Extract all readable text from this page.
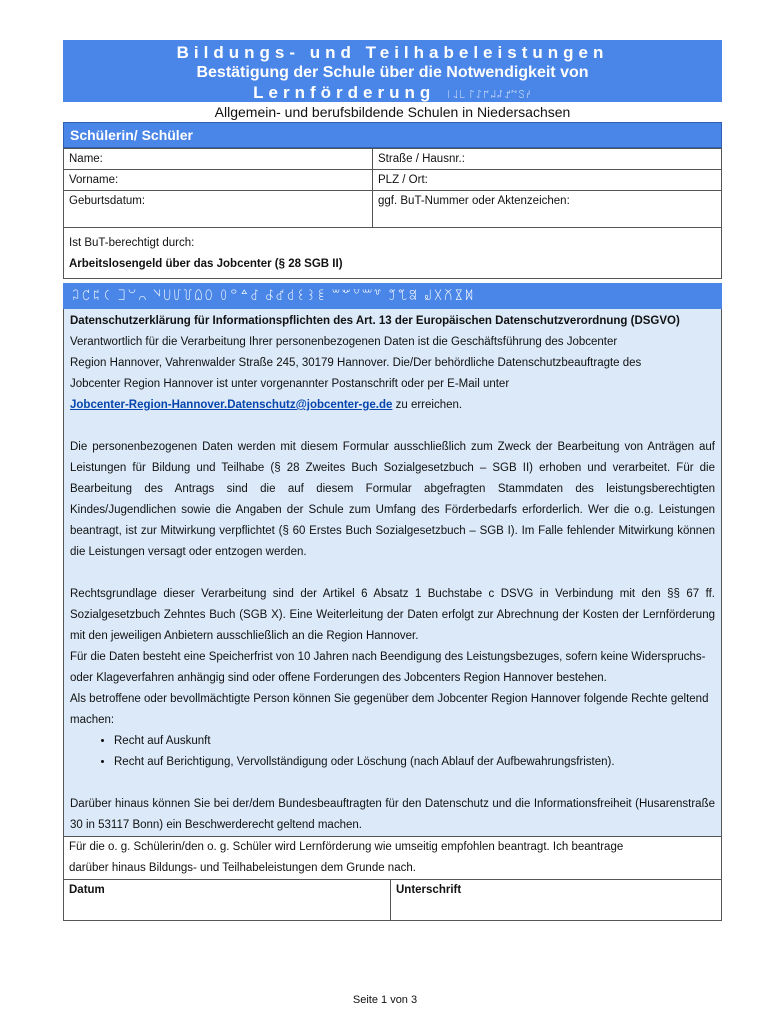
Bildungs- und Teilhabeleistungen
Bestätigung der Schule über die Notwendigkeit von
Lernförderung ꒐꒑꒒ ꒓꒔꒕꒖꒗꒘꒙꒚꒛
Allgemein- und berufsbildende Schulen in Niedersachsen
Schülerin/ Schüler
Name:	Straße / Hausnr.:
Vorname:	PLZ / Ort:
Geburtsdatum:	ggf. BuT-Nummer oder Aktenzeichen:
Ist BuT-berechtigt durch:
Arbeitslosengeld über das Jobcenter (§ 28 SGB II)
꒜꒝꒞꒟ ꒠꒡꒢ ꒣꒤꒥꒦꒧꒨ ꒩꒪꒫꒬ ꒭꒮꒯꒰꒱꒲ ꒳꒴꒵꒶꒷ ꒸꒹꒺ ꒻꒼꒽꒾꒿

Datenschutzerklärung für Informationspflichten des Art. 13 der Europäischen Datenschutzverordnung (DSGVO)

Verantwortlich für die Verarbeitung Ihrer personenbezogenen Daten ist die Geschäftsführung des Jobcenter

Region Hannover, Vahrenwalder Straße 245, 30179 Hannover. Die/Der behördliche Datenschutzbeauftragte des

Jobcenter Region Hannover ist unter vorgenannter Postanschrift oder per E-Mail unter

Jobcenter-Region-Hannover.Datenschutz@jobcenter-ge.de zu erreichen.

Die personenbezogenen Daten werden mit diesem Formular ausschließlich zum Zweck der Bearbeitung von Anträgen auf Leistungen für Bildung und Teilhabe (§ 28 Zweites Buch Sozialgesetzbuch – SGB II) erhoben und verarbeitet. Für die Bearbeitung des Antrags sind die auf diesem Formular abgefragten Stammdaten des leistungsberechtigten Kindes/Jugendlichen sowie die Angaben der Schule zum Umfang des Förderbedarfs erforderlich. Wer die o.g. Leistungen beantragt, ist zur Mitwirkung verpflichtet (§ 60 Erstes Buch Sozialgesetzbuch – SGB I). Im Falle fehlender Mitwirkung können die Leistungen versagt oder entzogen werden.

Rechtsgrundlage dieser Verarbeitung sind der Artikel 6 Absatz 1 Buchstabe c DSVG in Verbindung mit den §§ 67 ff. Sozialgesetzbuch Zehntes Buch (SGB X). Eine Weiterleitung der Daten erfolgt zur Abrechnung der Kosten der Lernförderung mit den jeweiligen Anbietern ausschließlich an die Region Hannover.

Für die Daten besteht eine Speicherfrist von 10 Jahren nach Beendigung des Leistungsbezuges, sofern keine Widerspruchs- oder Klageverfahren anhängig sind oder offene Forderungen des Jobcenters Region Hannover bestehen.

Als betroffene oder bevollmächtigte Person können Sie gegenüber dem Jobcenter Region Hannover folgende Rechte geltend machen:

• Recht auf Auskunft
• Recht auf Berichtigung, Vervollständigung oder Löschung (nach Ablauf der Aufbewahrungsfristen).

Darüber hinaus können Sie bei der/dem Bundesbeauftragten für den Datenschutz und die Informationsfreiheit (Husarenstraße 30 in 53117 Bonn) ein Beschwerderecht geltend machen.

Für die o. g. Schülerin/den o. g. Schüler wird Lernförderung wie umseitig empfohlen beantragt. Ich beantrage
darüber hinaus Bildungs- und Teilhabeleistungen dem Grunde nach.
Datum	Unterschrift
Seite 1 von 3
